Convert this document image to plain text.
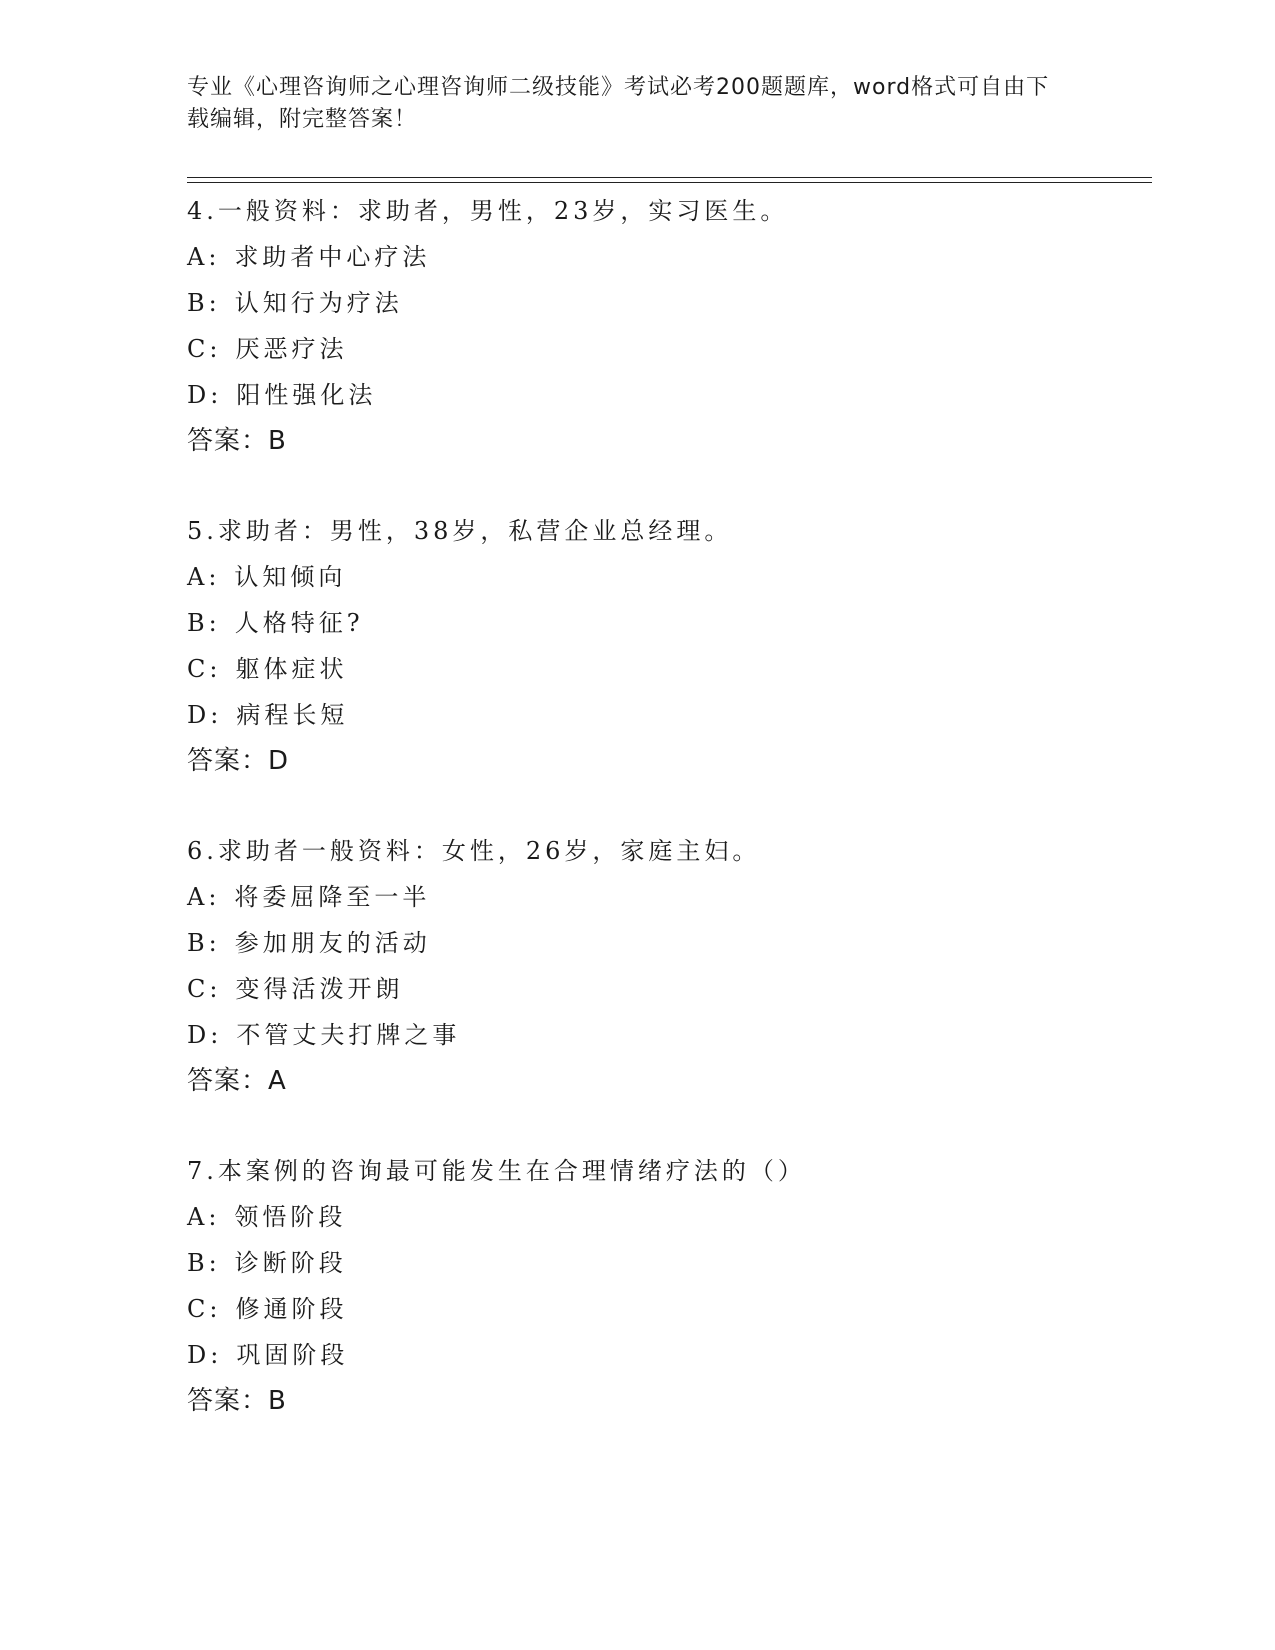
专业《心理咨询师之心理咨询师二级技能》考试必考200题题库，word格式可自由下载编辑，附完整答案！
4.一般资料：求助者，男性，23岁，实习医生。
A: 求助者中心疗法
B: 认知行为疗法
C: 厌恶疗法
D: 阳性强化法
答案：B
5.求助者：男性，38岁，私营企业总经理。
A: 认知倾向
B: 人格特征?
C: 躯体症状
D: 病程长短
答案：D
6.求助者一般资料：女性，26岁，家庭主妇。
A: 将委屈降至一半
B: 参加朋友的活动
C: 变得活泼开朗
D: 不管丈夫打牌之事
答案：A
7.本案例的咨询最可能发生在合理情绪疗法的（）
A: 领悟阶段
B: 诊断阶段
C: 修通阶段
D: 巩固阶段
答案：B
